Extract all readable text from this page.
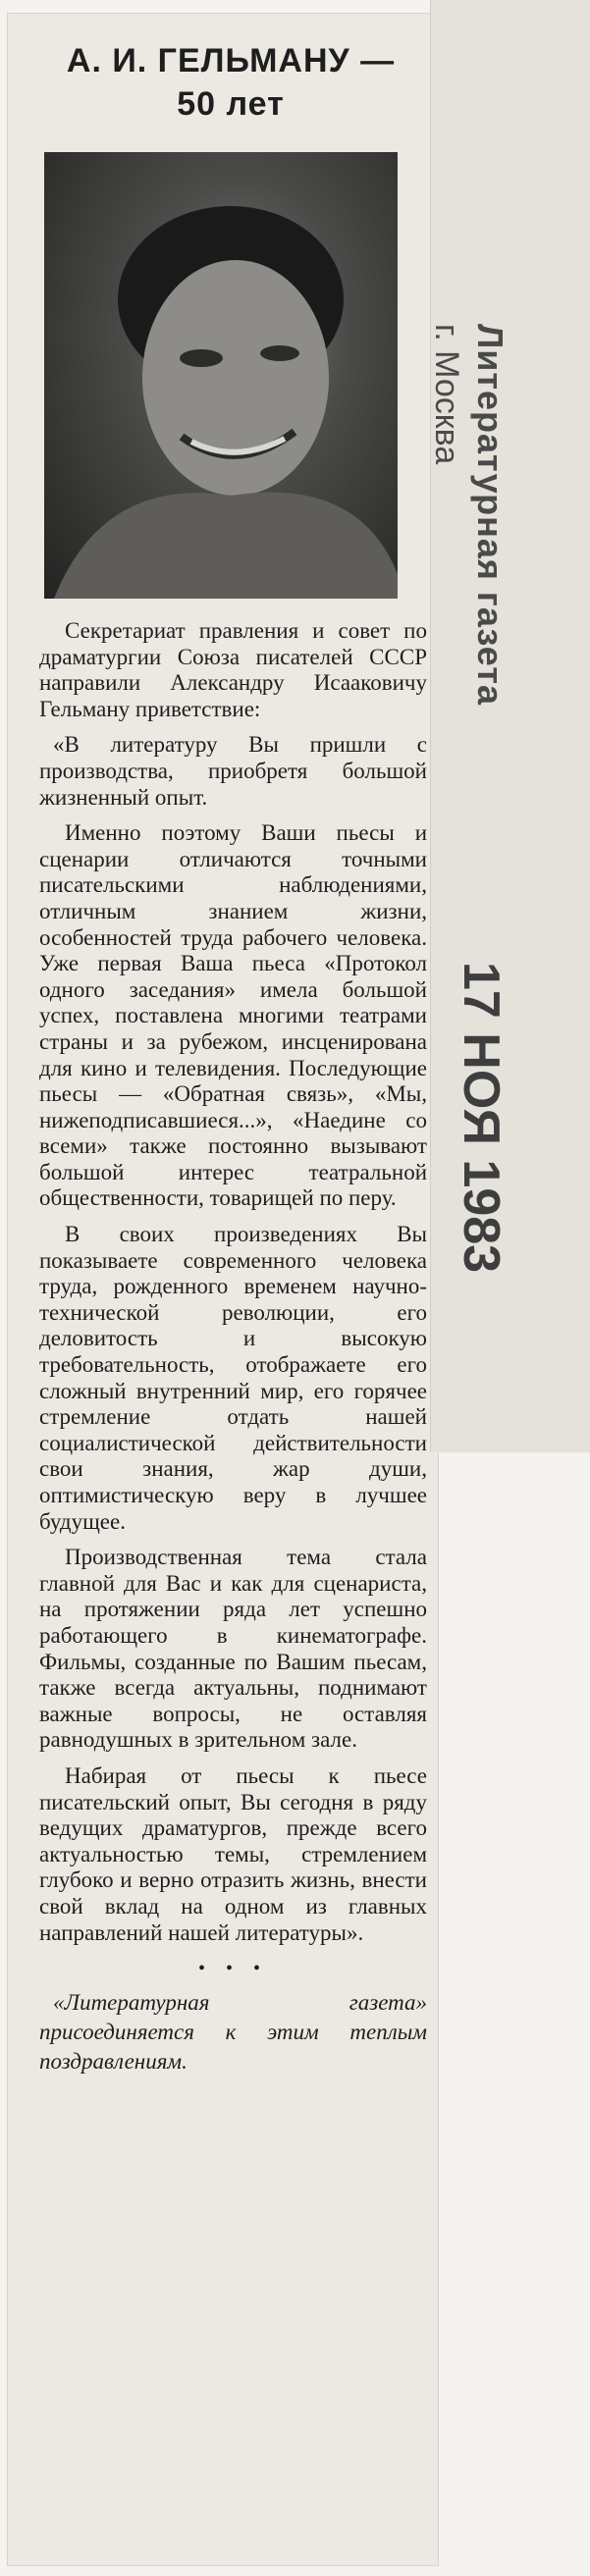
Литературная газета
г. Москва
17 НОЯ 1983
А. И. ГЕЛЬМАНУ —
50 лет

Секретариат правления и совет по драматургии Союза писателей СССР направили Александру Исааковичу Гельману приветствие:

«В литературу Вы пришли с производства, приобретя большой жизненный опыт.

Именно поэтому Ваши пьесы и сценарии отличаются точными писательскими наблюдениями, отличным знанием жизни, особенностей труда рабочего человека. Уже первая Ваша пьеса «Протокол одного заседания» имела большой успех, поставлена многими театрами страны и за рубежом, инсценирована для кино и телевидения. Последующие пьесы — «Обратная связь», «Мы, нижеподписавшиеся...», «Наедине со всеми» также постоянно вызывают большой интерес театральной общественности, товарищей по перу.

В своих произведениях Вы показываете современного человека труда, рожденного временем научно-технической революции, его деловитость и высокую требовательность, отображаете его сложный внутренний мир, его горячее стремление отдать нашей социалистической действительности свои знания, жар души, оптимистическую веру в лучшее будущее.

Производственная тема стала главной для Вас и как для сценариста, на протяжении ряда лет успешно работающего в кинематографе. Фильмы, созданные по Вашим пьесам, также всегда актуальны, поднимают важные вопросы, не оставляя равнодушных в зрительном зале.

Набирая от пьесы к пьесе писательский опыт, Вы сегодня в ряду ведущих драматургов, прежде всего актуальностью темы, стремлением глубоко и верно отразить жизнь, внести свой вклад на одном из главных направлений нашей литературы».

• • •
«Литературная газета» присоединяется к этим теплым поздравлениям.
